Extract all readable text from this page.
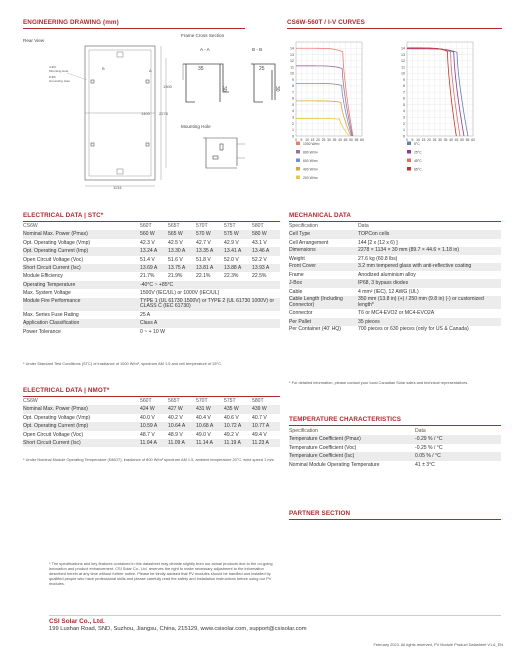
ENGINEERING DRAWING (mm)
Rear View
Frame Cross Section
A - A	B - B
Mounting Hole
2278
1400
1300
1134
A
B
4-Φ9
Mounting Hole
8-Φ5
Grounding Hole
35
30
25
30
CS6W-560T / I-V CURVES
14
13
12
11
10
9
8
7
6
5
4
3
2
1
0
V 5 10 15 20 25 30 35 40 45 50 55 60
1000 W/m²
800 W/m²
600 W/m²
400 W/m²
200 W/m²
14
13
12
11
10
9
8
7
6
5
4
3
2
1
0
V 5 10 15 20 25 30 35 40 45 50 55 60
5°C
25°C
45°C
65°C
ELECTRICAL DATA | STC*
CS6W	560T	565T	570T	575T	580T
Nominal Max. Power (Pmax)	560 W	565 W	570 W	575 W	580 W
Opt. Operating Voltage (Vmp)	42.3 V	42.5 V	42.7 V	42.9 V	43.1 V
Opt. Operating Current (Imp)	13.24 A	13.30 A	13.35 A	13.41 A	13.46 A
Open Circuit Voltage (Voc)	51.4 V	51.6 V	51.8 V	52.0 V	52.2 V
Short Circuit Current (Isc)	13.69 A	13.75 A	13.81 A	13.88 A	13.93 A
Module Efficiency	21.7%	21.9%	22.1%	22.3%	22.5%
Operating Temperature	-40°C ~ +85°C				
Max. System Voltage	1500V (IEC/UL) or 1000V (IEC/UL)				
Module Fire Performance	TYPE 1 (UL 61730 1500V) or TYPE 2 (UL 61730 1000V) or CLASS C (IEC 61730)				
Max. Series Fuse Rating	25 A				
Application Classification	Class A				
Power Tolerance	0 ~ + 10 W				
* Under Standard Test Conditions (STC) of irradiance of 1000 W/m², spectrum AM 1.5 and cell temperature of 25°C.
ELECTRICAL DATA | NMOT*
CS6W	560T	565T	570T	575T	580T
Nominal Max. Power (Pmax)	424 W	427 W	431 W	435 W	439 W
Opt. Operating Voltage (Vmp)	40.0 V	40.2 V	40.4 V	40.6 V	40.7 V
Opt. Operating Current (Imp)	10.59 A	10.64 A	10.68 A	10.72 A	10.77 A
Open Circuit Voltage (Voc)	48.7 V	48.9 V	49.0 V	49.2 V	49.4 V
Short Circuit Current (Isc)	11.04 A	11.09 A	11.14 A	11.19 A	11.23 A
* Under Nominal Module Operating Temperature (NMOT), irradiance of 800 W/m² spectrum AM 1.5, ambient temperature 20°C, wind speed 1 m/s.
MECHANICAL DATA
Specification	Data
Cell Type	TOPCon cells
Cell Arrangement	144 [2 x (12 x 6) ]
Dimensions	2278 × 1134 × 30 mm (89.7 × 44.6 × 1.18 in)
Weight	27.6 kg (60.8 lbs)
Front Cover	3.2 mm tempered glass with anti-reflective coating
Frame	Anodized aluminium alloy
J-Box	IP68, 3 bypass diodes
Cable	4 mm² (IEC), 12 AWG (UL)
Cable Length (Including Connector)	350 mm (13.8 in) (+) / 250 mm (9.8 in) (-) or customized length*
Connector	T6 or MC4-EVO2 or MC4-EVO2A
Per Pallet	35 pieces
Per Container (40' HQ)	700 pieces or 630 pieces (only for US & Canada)
* For detailed information, please contact your local Canadian Solar sales and technical representatives.
TEMPERATURE CHARACTERISTICS
Specification	Data
Temperature Coefficient (Pmax)	-0.29 % / °C
Temperature Coefficient (Voc)	-0.25 % / °C
Temperature Coefficient (Isc)	0.05 % / °C
Nominal Module Operating Temperature	41 ± 3°C
PARTNER SECTION
* The specifications and key features contained in this datasheet may deviate slightly from our actual products due to the on-going innovation and product enhancement. CSI Solar Co., Ltd. reserves the right to make necessary adjustment to the information described herein at any time without further notice. Please be kindly advised that PV modules should be handled and installed by qualified people who have professional skills and please carefully read the safety and installation instructions before using our PV modules.
CSI Solar Co., Ltd.
199 Lushan Road, SND, Suzhou, Jiangsu, China, 215129, www.csisolar.com, support@csisolar.com
February 2023. All rights reserved, PV Module Product Datasheet V1.6_EN
